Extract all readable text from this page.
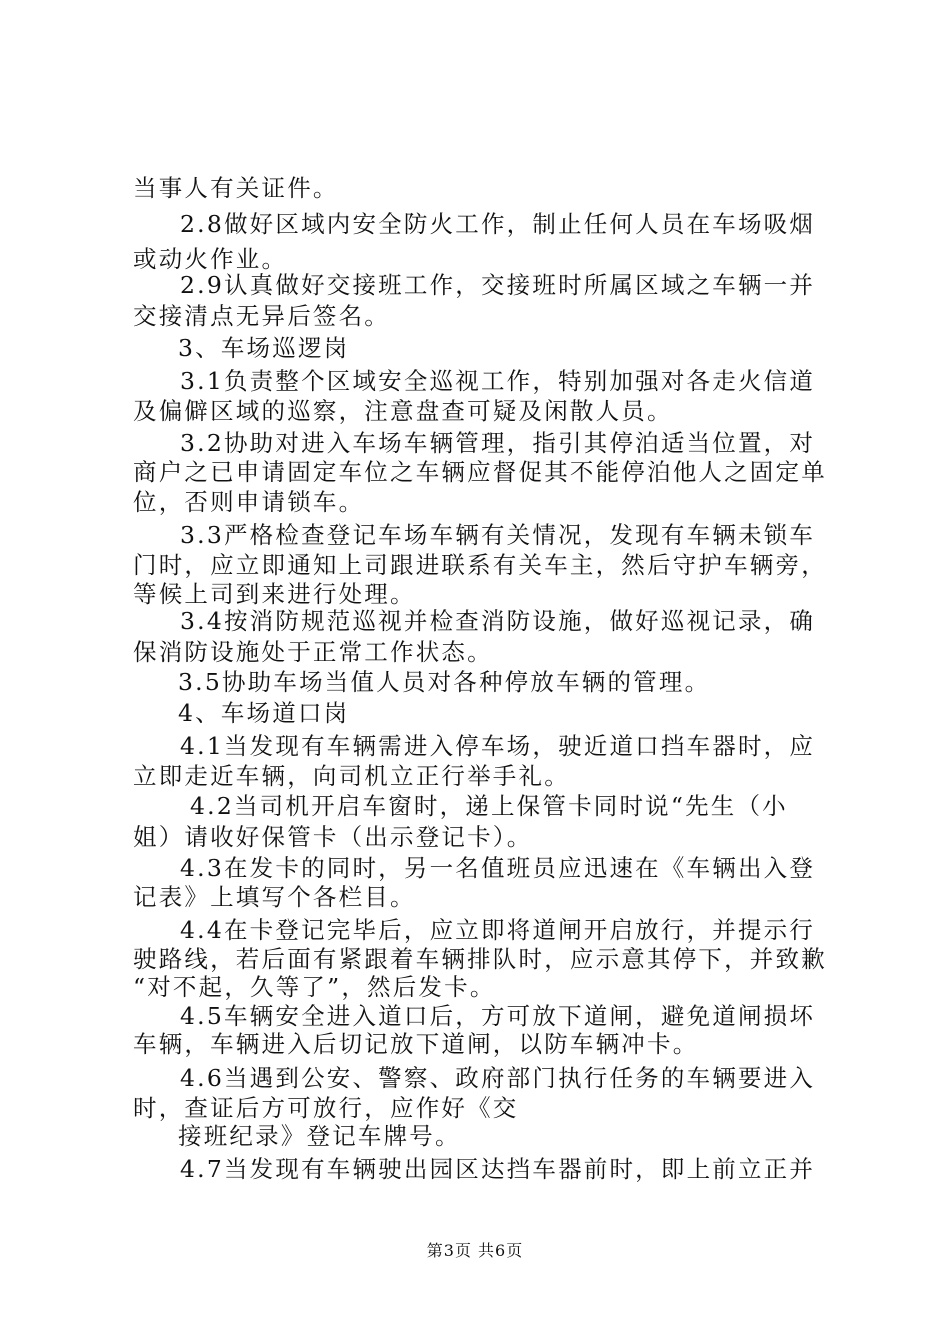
当事人有关证件。
2.8做好区域内安全防火工作，制止任何人员在车场吸烟
或动火作业。
2.9认真做好交接班工作，交接班时所属区域之车辆一并
交接清点无异后签名。
3、车场巡逻岗
3.1负责整个区域安全巡视工作，特别加强对各走火信道
及偏僻区域的巡察，注意盘查可疑及闲散人员。
3.2协助对进入车场车辆管理，指引其停泊适当位置，对
商户之已申请固定车位之车辆应督促其不能停泊他人之固定单
位，否则申请锁车。
3.3严格检查登记车场车辆有关情况，发现有车辆未锁车
门时，应立即通知上司跟进联系有关车主，然后守护车辆旁，
等候上司到来进行处理。
3.4按消防规范巡视并检查消防设施，做好巡视记录，确
保消防设施处于正常工作状态。
3.5协助车场当值人员对各种停放车辆的管理。
4、车场道口岗
4.1当发现有车辆需进入停车场，驶近道口挡车器时，应
立即走近车辆，向司机立正行举手礼。
4.2当司机开启车窗时，递上保管卡同时说“先生（小
姐）请收好保管卡（出示登记卡）。
4.3在发卡的同时，另一名值班员应迅速在《车辆出入登
记表》上填写个各栏目。
4.4在卡登记完毕后，应立即将道闸开启放行，并提示行
驶路线，若后面有紧跟着车辆排队时，应示意其停下，并致歉
“对不起，久等了”，然后发卡。
4.5车辆安全进入道口后，方可放下道闸，避免道闸损坏
车辆，车辆进入后切记放下道闸，以防车辆冲卡。
4.6当遇到公安、警察、政府部门执行任务的车辆要进入
时，查证后方可放行，应作好《交
接班纪录》登记车牌号。
4.7当发现有车辆驶出园区达挡车器前时，即上前立正并
第3页 共6页
